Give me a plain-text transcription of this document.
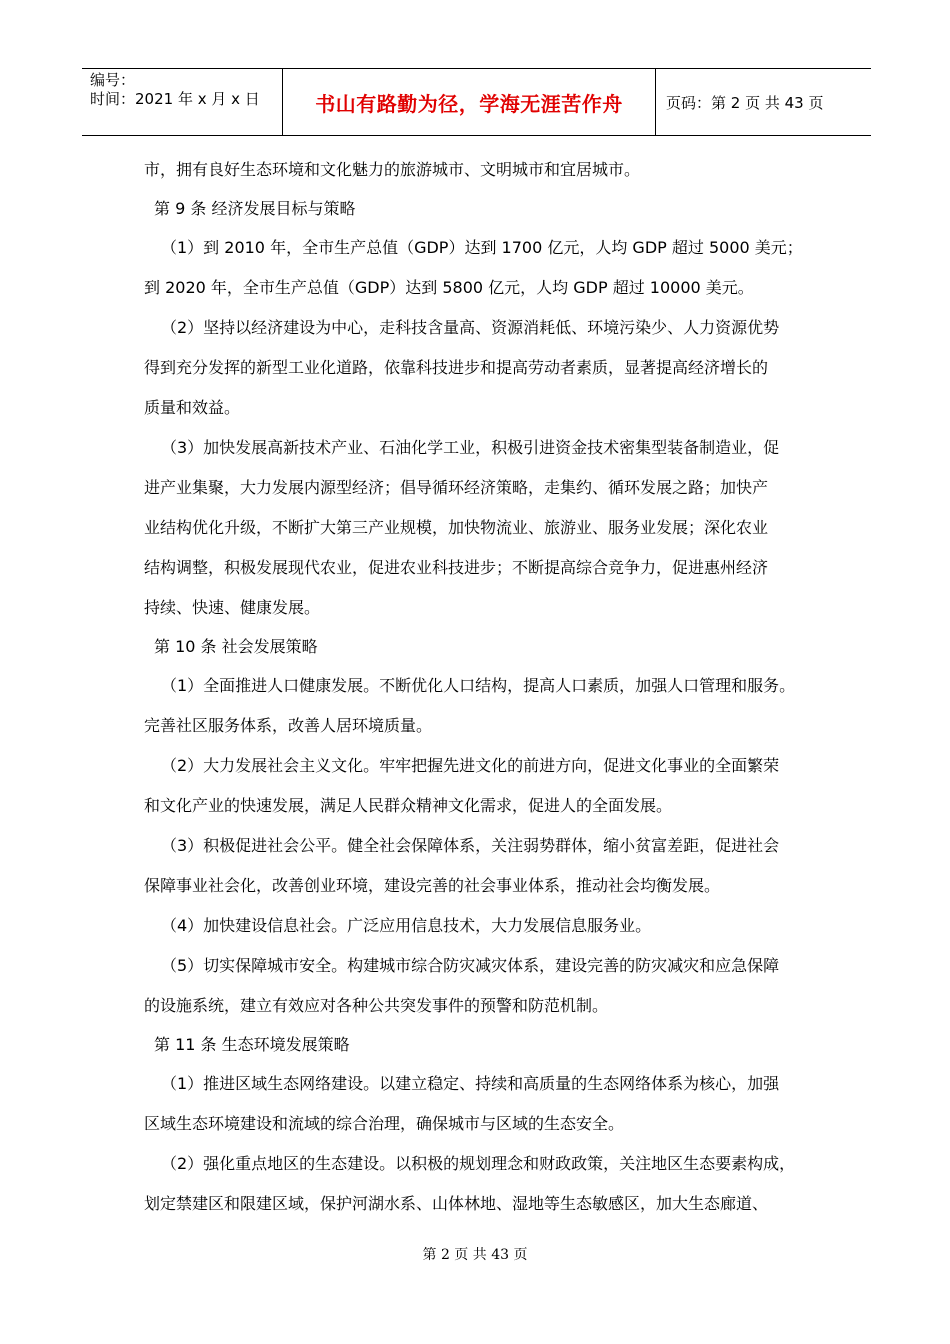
编号：
时间：2021 年 x 月 x 日	书山有路勤为径，学海无涯苦作舟	页码：第 2 页 共 43 页
市，拥有良好生态环境和文化魅力的旅游城市、文明城市和宜居城市。
第 9 条 经济发展目标与策略
（1）到 2010 年，全市生产总值（GDP）达到 1700 亿元，人均 GDP 超过 5000 美元；
到 2020 年，全市生产总值（GDP）达到 5800 亿元，人均 GDP 超过 10000 美元。
（2）坚持以经济建设为中心，走科技含量高、资源消耗低、环境污染少、人力资源优势
得到充分发挥的新型工业化道路，依靠科技进步和提高劳动者素质，显著提高经济增长的
质量和效益。
（3）加快发展高新技术产业、石油化学工业，积极引进资金技术密集型装备制造业，促
进产业集聚，大力发展内源型经济；倡导循环经济策略，走集约、循环发展之路；加快产
业结构优化升级，不断扩大第三产业规模，加快物流业、旅游业、服务业发展；深化农业
结构调整，积极发展现代农业，促进农业科技进步；不断提高综合竞争力，促进惠州经济
持续、快速、健康发展。
第 10 条 社会发展策略
（1）全面推进人口健康发展。不断优化人口结构，提高人口素质，加强人口管理和服务。
完善社区服务体系，改善人居环境质量。
（2）大力发展社会主义文化。牢牢把握先进文化的前进方向，促进文化事业的全面繁荣
和文化产业的快速发展，满足人民群众精神文化需求，促进人的全面发展。
（3）积极促进社会公平。健全社会保障体系，关注弱势群体，缩小贫富差距，促进社会
保障事业社会化，改善创业环境，建设完善的社会事业体系，推动社会均衡发展。
（4）加快建设信息社会。广泛应用信息技术，大力发展信息服务业。
（5）切实保障城市安全。构建城市综合防灾减灾体系，建设完善的防灾减灾和应急保障
的设施系统，建立有效应对各种公共突发事件的预警和防范机制。
第 11 条 生态环境发展策略
（1）推进区域生态网络建设。以建立稳定、持续和高质量的生态网络体系为核心，加强
区域生态环境建设和流域的综合治理，确保城市与区域的生态安全。
（2）强化重点地区的生态建设。以积极的规划理念和财政政策，关注地区生态要素构成，
划定禁建区和限建区域，保护河湖水系、山体林地、湿地等生态敏感区，加大生态廊道、
第 2 页 共 43 页
